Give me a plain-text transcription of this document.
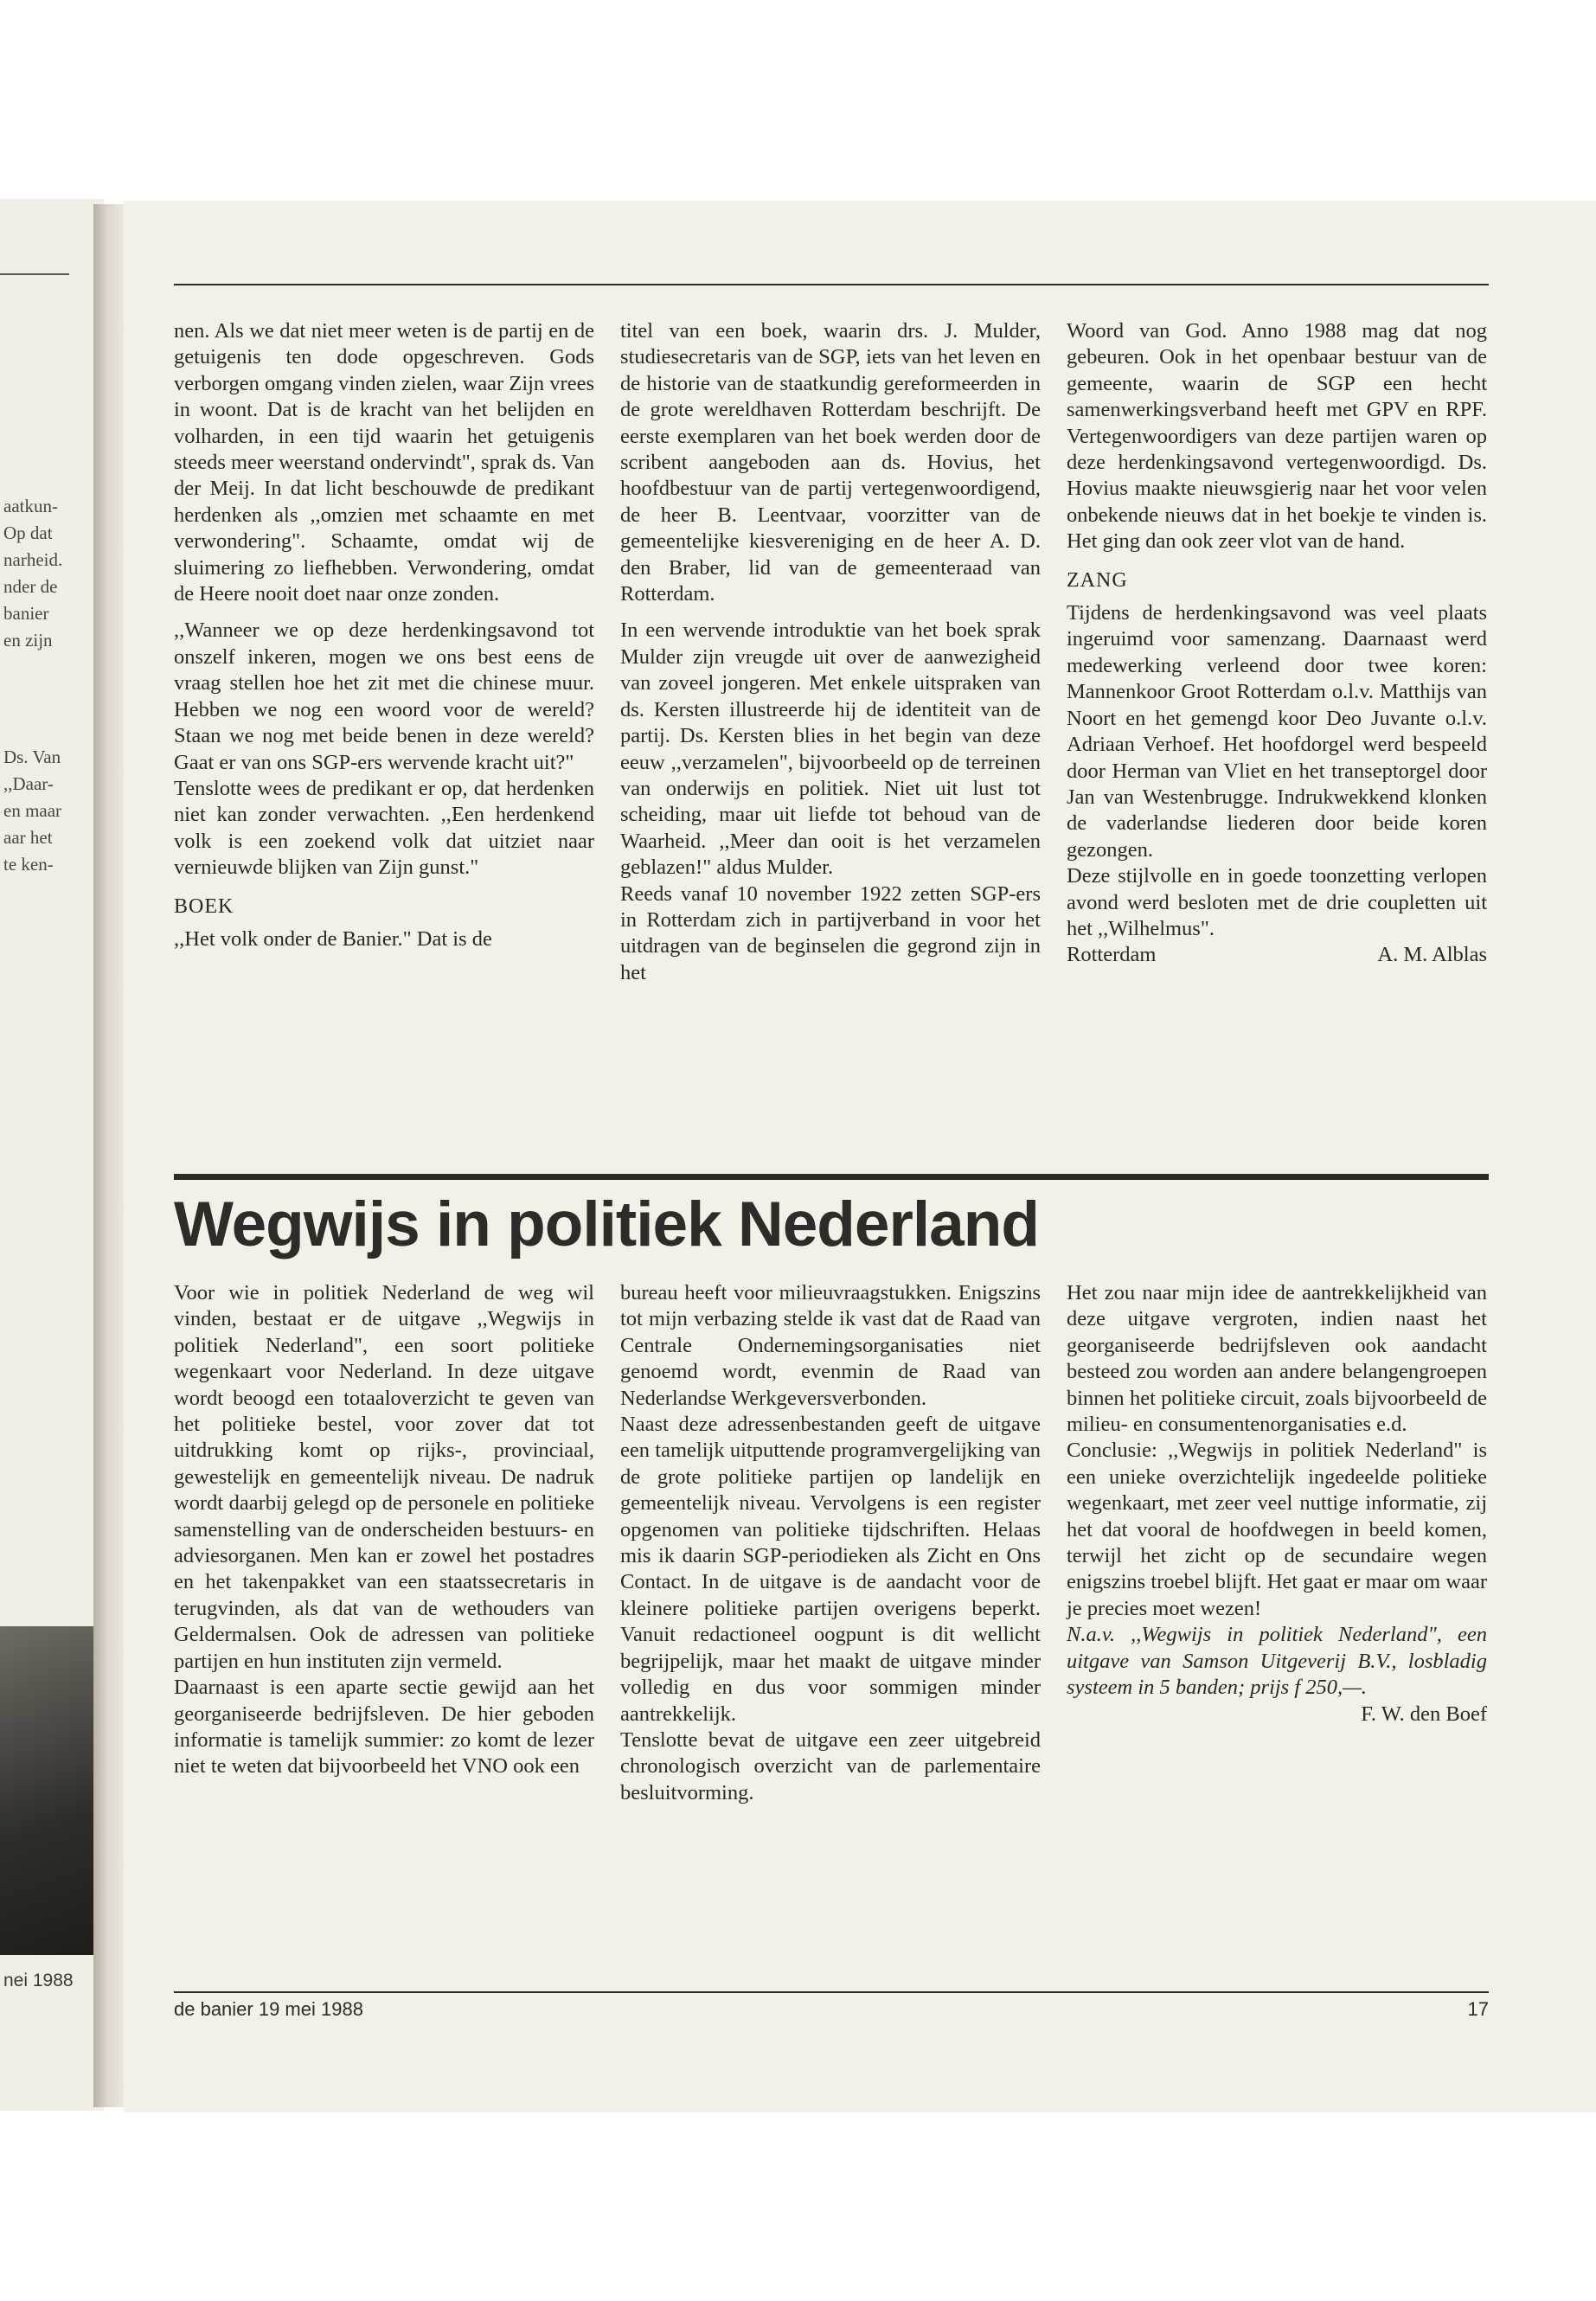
aatkun-
Op dat
narheid.
nder de
banier
en zijn
Ds. Van
,,Daar-
en maar
aar het
te ken-
nei 1988

nen. Als we dat niet meer weten is de partij en de getuigenis ten dode opgeschreven. Gods verborgen omgang vinden zielen, waar Zijn vrees in woont. Dat is de kracht van het belijden en volharden, in een tijd waarin het getuigenis steeds meer weerstand ondervindt", sprak ds. Van der Meij. In dat licht beschouwde de predikant herdenken als ,,omzien met schaamte en met verwondering". Schaamte, omdat wij de sluimering zo liefhebben. Verwondering, omdat de Heere nooit doet naar onze zonden.

,,Wanneer we op deze herdenkingsavond tot onszelf inkeren, mogen we ons best eens de vraag stellen hoe het zit met die chinese muur. Hebben we nog een woord voor de wereld? Staan we nog met beide benen in deze wereld? Gaat er van ons SGP-ers wervende kracht uit?"

Tenslotte wees de predikant er op, dat herdenken niet kan zonder verwachten. ,,Een herdenkend volk is een zoekend volk dat uitziet naar vernieuwde blijken van Zijn gunst."

BOEK

,,Het volk onder de Banier." Dat is de

titel van een boek, waarin drs. J. Mulder, studiesecretaris van de SGP, iets van het leven en de historie van de staatkundig gereformeerden in de grote wereldhaven Rotterdam beschrijft. De eerste exemplaren van het boek werden door de scribent aangeboden aan ds. Hovius, het hoofdbestuur van de partij vertegenwoordigend, de heer B. Leentvaar, voorzitter van de gemeentelijke kiesvereniging en de heer A. D. den Braber, lid van de gemeenteraad van Rotterdam.

In een wervende introduktie van het boek sprak Mulder zijn vreugde uit over de aanwezigheid van zoveel jongeren. Met enkele uitspraken van ds. Kersten illustreerde hij de identiteit van de partij. Ds. Kersten blies in het begin van deze eeuw ,,verzamelen", bijvoorbeeld op de terreinen van onderwijs en politiek. Niet uit lust tot scheiding, maar uit liefde tot behoud van de Waarheid. ,,Meer dan ooit is het verzamelen geblazen!" aldus Mulder.

Reeds vanaf 10 november 1922 zetten SGP-ers in Rotterdam zich in partijverband in voor het uitdragen van de beginselen die gegrond zijn in het

Woord van God. Anno 1988 mag dat nog gebeuren. Ook in het openbaar bestuur van de gemeente, waarin de SGP een hecht samenwerkingsverband heeft met GPV en RPF. Vertegenwoordigers van deze partijen waren op deze herdenkingsavond vertegenwoordigd. Ds. Hovius maakte nieuwsgierig naar het voor velen onbekende nieuws dat in het boekje te vinden is. Het ging dan ook zeer vlot van de hand.

ZANG

Tijdens de herdenkingsavond was veel plaats ingeruimd voor samenzang. Daarnaast werd medewerking verleend door twee koren: Mannenkoor Groot Rotterdam o.l.v. Matthijs van Noort en het gemengd koor Deo Juvante o.l.v. Adriaan Verhoef. Het hoofdorgel werd bespeeld door Herman van Vliet en het transeptorgel door Jan van Westenbrugge. Indrukwekkend klonken de vaderlandse liederen door beide koren gezongen.

Deze stijlvolle en in goede toonzetting verlopen avond werd besloten met de drie coupletten uit het ,,Wilhelmus".

Rotterdam	A. M. Alblas
Wegwijs in politiek Nederland

Voor wie in politiek Nederland de weg wil vinden, bestaat er de uitgave ,,Wegwijs in politiek Nederland", een soort politieke wegenkaart voor Nederland. In deze uitgave wordt beoogd een totaaloverzicht te geven van het politieke bestel, voor zover dat tot uitdrukking komt op rijks-, provinciaal, gewestelijk en gemeentelijk niveau. De nadruk wordt daarbij gelegd op de personele en politieke samenstelling van de onderscheiden bestuurs- en adviesorganen. Men kan er zowel het postadres en het takenpakket van een staatssecretaris in terugvinden, als dat van de wethouders van Geldermalsen. Ook de adressen van politieke partijen en hun instituten zijn vermeld.

Daarnaast is een aparte sectie gewijd aan het georganiseerde bedrijfsleven. De hier geboden informatie is tamelijk summier: zo komt de lezer niet te weten dat bijvoorbeeld het VNO ook een

bureau heeft voor milieuvraagstukken. Enigszins tot mijn verbazing stelde ik vast dat de Raad van Centrale Ondernemingsorganisaties niet genoemd wordt, evenmin de Raad van Nederlandse Werkgeversverbonden.

Naast deze adressenbestanden geeft de uitgave een tamelijk uitputtende programvergelijking van de grote politieke partijen op landelijk en gemeentelijk niveau. Vervolgens is een register opgenomen van politieke tijdschriften. Helaas mis ik daarin SGP-periodieken als Zicht en Ons Contact. In de uitgave is de aandacht voor de kleinere politieke partijen overigens beperkt. Vanuit redactioneel oogpunt is dit wellicht begrijpelijk, maar het maakt de uitgave minder volledig en dus voor sommigen minder aantrekkelijk.

Tenslotte bevat de uitgave een zeer uitgebreid chronologisch overzicht van de parlementaire besluitvorming.

Het zou naar mijn idee de aantrekkelijkheid van deze uitgave vergroten, indien naast het georganiseerde bedrijfsleven ook aandacht besteed zou worden aan andere belangengroepen binnen het politieke circuit, zoals bijvoorbeeld de milieu- en consumentenorganisaties e.d.

Conclusie: ,,Wegwijs in politiek Nederland" is een unieke overzichtelijk ingedeelde politieke wegenkaart, met zeer veel nuttige informatie, zij het dat vooral de hoofdwegen in beeld komen, terwijl het zicht op de secundaire wegen enigszins troebel blijft. Het gaat er maar om waar je precies moet wezen!

N.a.v. ,,Wegwijs in politiek Nederland", een uitgave van Samson Uitgeverij B.V., losbladig systeem in 5 banden; prijs f 250,—.

F. W. den Boef

de banier 19 mei 1988	17
